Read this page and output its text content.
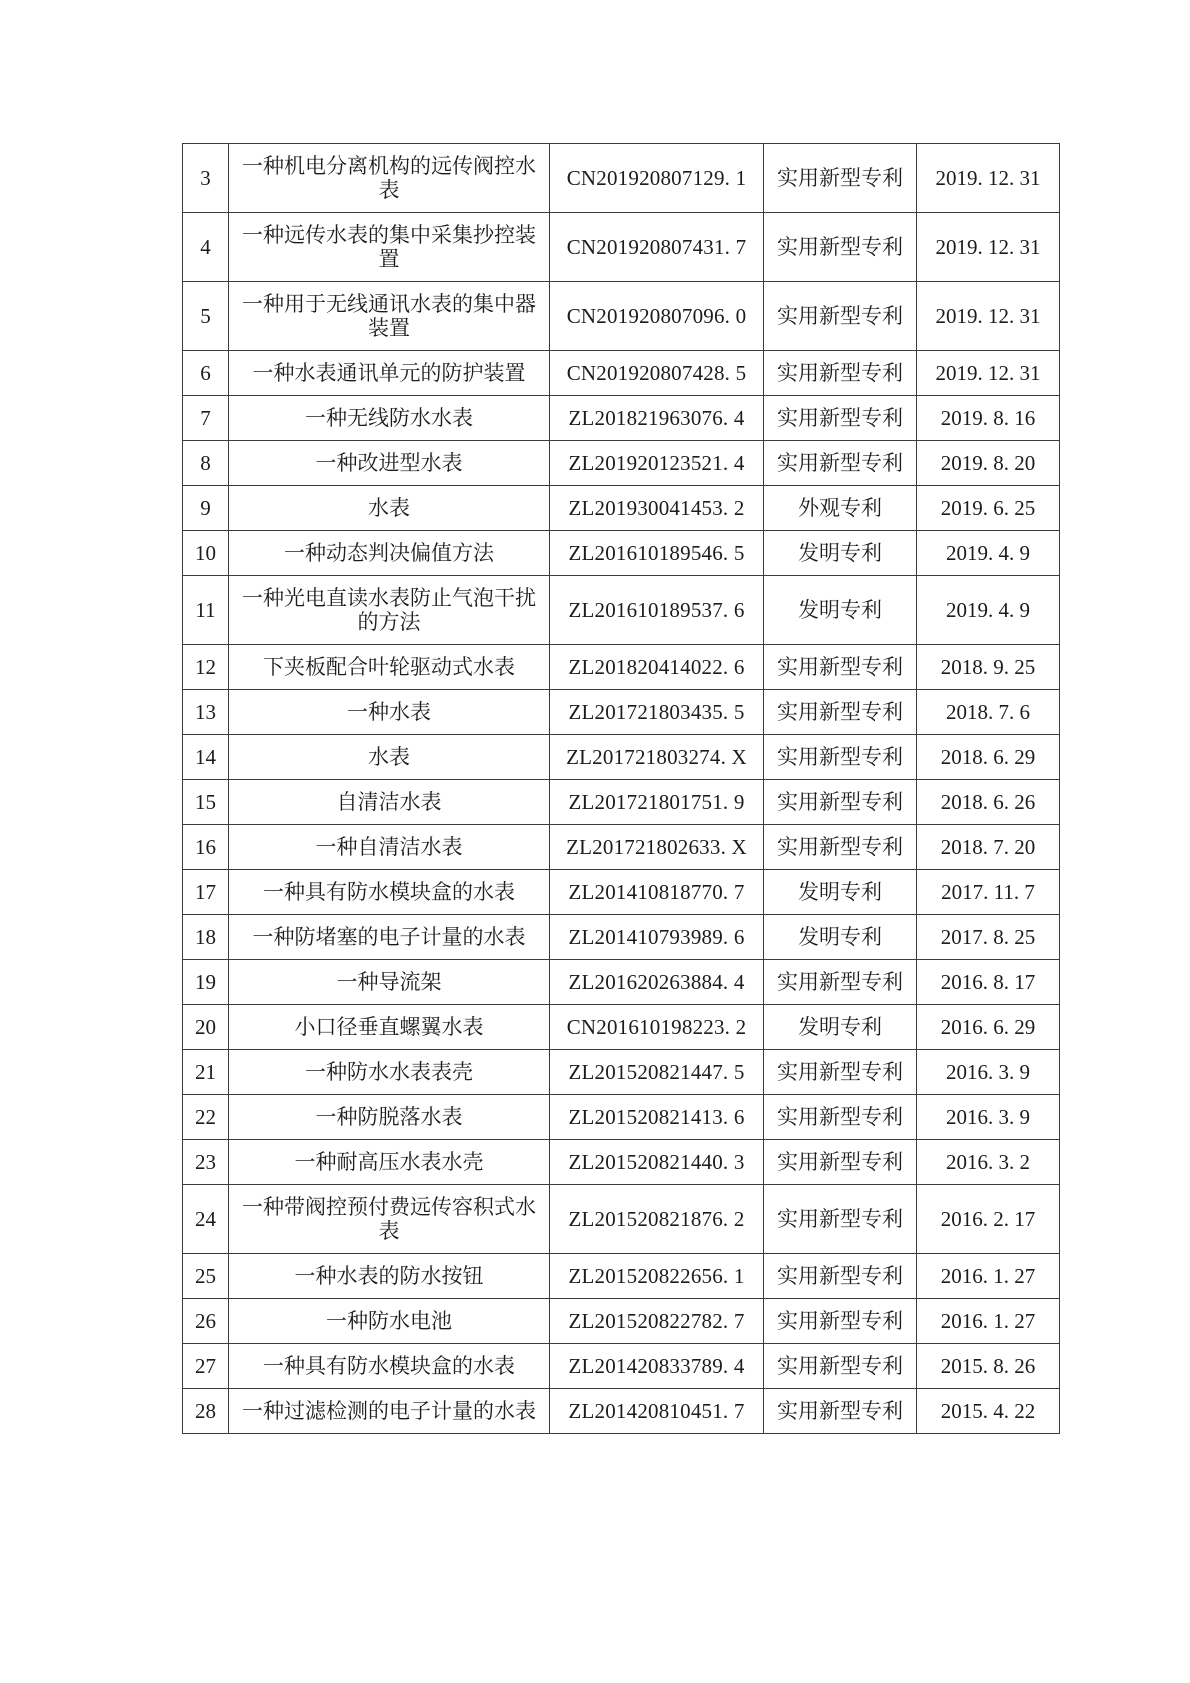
3	一种机电分离机构的远传阀控水表	CN201920807129. 1	实用新型专利	2019. 12. 31
4	一种远传水表的集中采集抄控装置	CN201920807431. 7	实用新型专利	2019. 12. 31
5	一种用于无线通讯水表的集中器装置	CN201920807096. 0	实用新型专利	2019. 12. 31
6	一种水表通讯单元的防护装置	CN201920807428. 5	实用新型专利	2019. 12. 31
7	一种无线防水水表	ZL201821963076. 4	实用新型专利	2019. 8. 16
8	一种改进型水表	ZL201920123521. 4	实用新型专利	2019. 8. 20
9	水表	ZL201930041453. 2	外观专利	2019. 6. 25
10	一种动态判决偏值方法	ZL201610189546. 5	发明专利	2019. 4. 9
11	一种光电直读水表防止气泡干扰的方法	ZL201610189537. 6	发明专利	2019. 4. 9
12	下夹板配合叶轮驱动式水表	ZL201820414022. 6	实用新型专利	2018. 9. 25
13	一种水表	ZL201721803435. 5	实用新型专利	2018. 7. 6
14	水表	ZL201721803274. X	实用新型专利	2018. 6. 29
15	自清洁水表	ZL201721801751. 9	实用新型专利	2018. 6. 26
16	一种自清洁水表	ZL201721802633. X	实用新型专利	2018. 7. 20
17	一种具有防水模块盒的水表	ZL201410818770. 7	发明专利	2017. 11. 7
18	一种防堵塞的电子计量的水表	ZL201410793989. 6	发明专利	2017. 8. 25
19	一种导流架	ZL201620263884. 4	实用新型专利	2016. 8. 17
20	小口径垂直螺翼水表	CN201610198223. 2	发明专利	2016. 6. 29
21	一种防水水表表壳	ZL201520821447. 5	实用新型专利	2016. 3. 9
22	一种防脱落水表	ZL201520821413. 6	实用新型专利	2016. 3. 9
23	一种耐高压水表水壳	ZL201520821440. 3	实用新型专利	2016. 3. 2
24	一种带阀控预付费远传容积式水表	ZL201520821876. 2	实用新型专利	2016. 2. 17
25	一种水表的防水按钮	ZL201520822656. 1	实用新型专利	2016. 1. 27
26	一种防水电池	ZL201520822782. 7	实用新型专利	2016. 1. 27
27	一种具有防水模块盒的水表	ZL201420833789. 4	实用新型专利	2015. 8. 26
28	一种过滤检测的电子计量的水表	ZL201420810451. 7	实用新型专利	2015. 4. 22
